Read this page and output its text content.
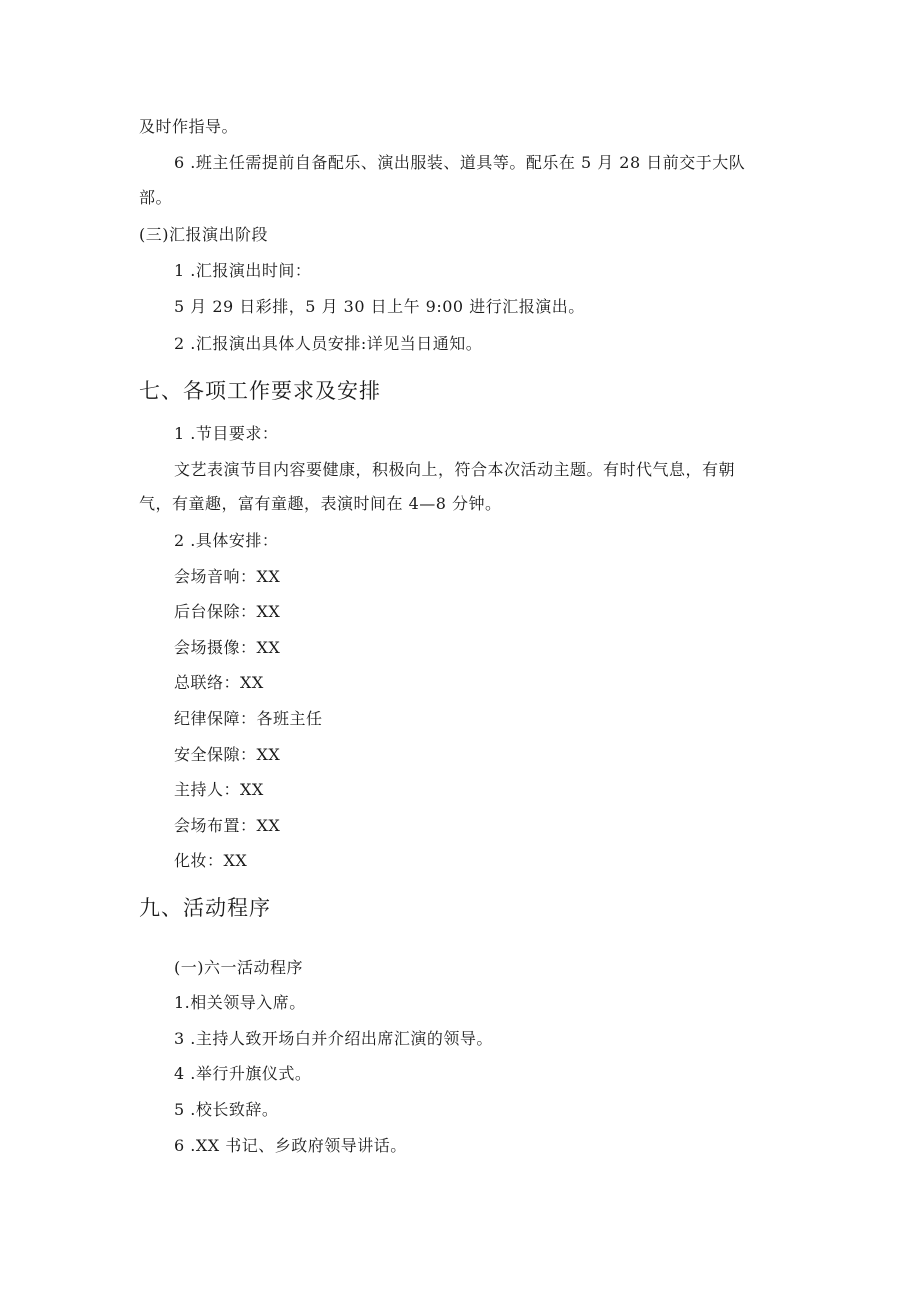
及时作指导。
6 .班主任需提前自备配乐、演出服装、道具等。配乐在 5 月 28 日前交于大队
部。
(三)汇报演出阶段
1 .汇报演出时间：
5 月 29 日彩排，5 月 30 日上午 9:00 进行汇报演出。
2 .汇报演出具体人员安排:详见当日通知。
七、各项工作要求及安排
1 .节目要求：
文艺表演节目内容要健康，积极向上，符合本次活动主题。有时代气息，有朝
气，有童趣，富有童趣，表演时间在 4—8 分钟。
2 .具体安排：
会场音响：XX
后台保除：XX
会场摄像：XX
总联络：XX
纪律保障：各班主任
安全保隙：XX
主持人：XX
会场布置：XX
化妆：XX
九、活动程序
(一)六一活动程序
1.相关领导入席。
3 .主持人致开场白并介绍出席汇演的领导。
4 .举行升旗仪式。
5 .校长致辞。
6 .XX 书记、乡政府领导讲话。
